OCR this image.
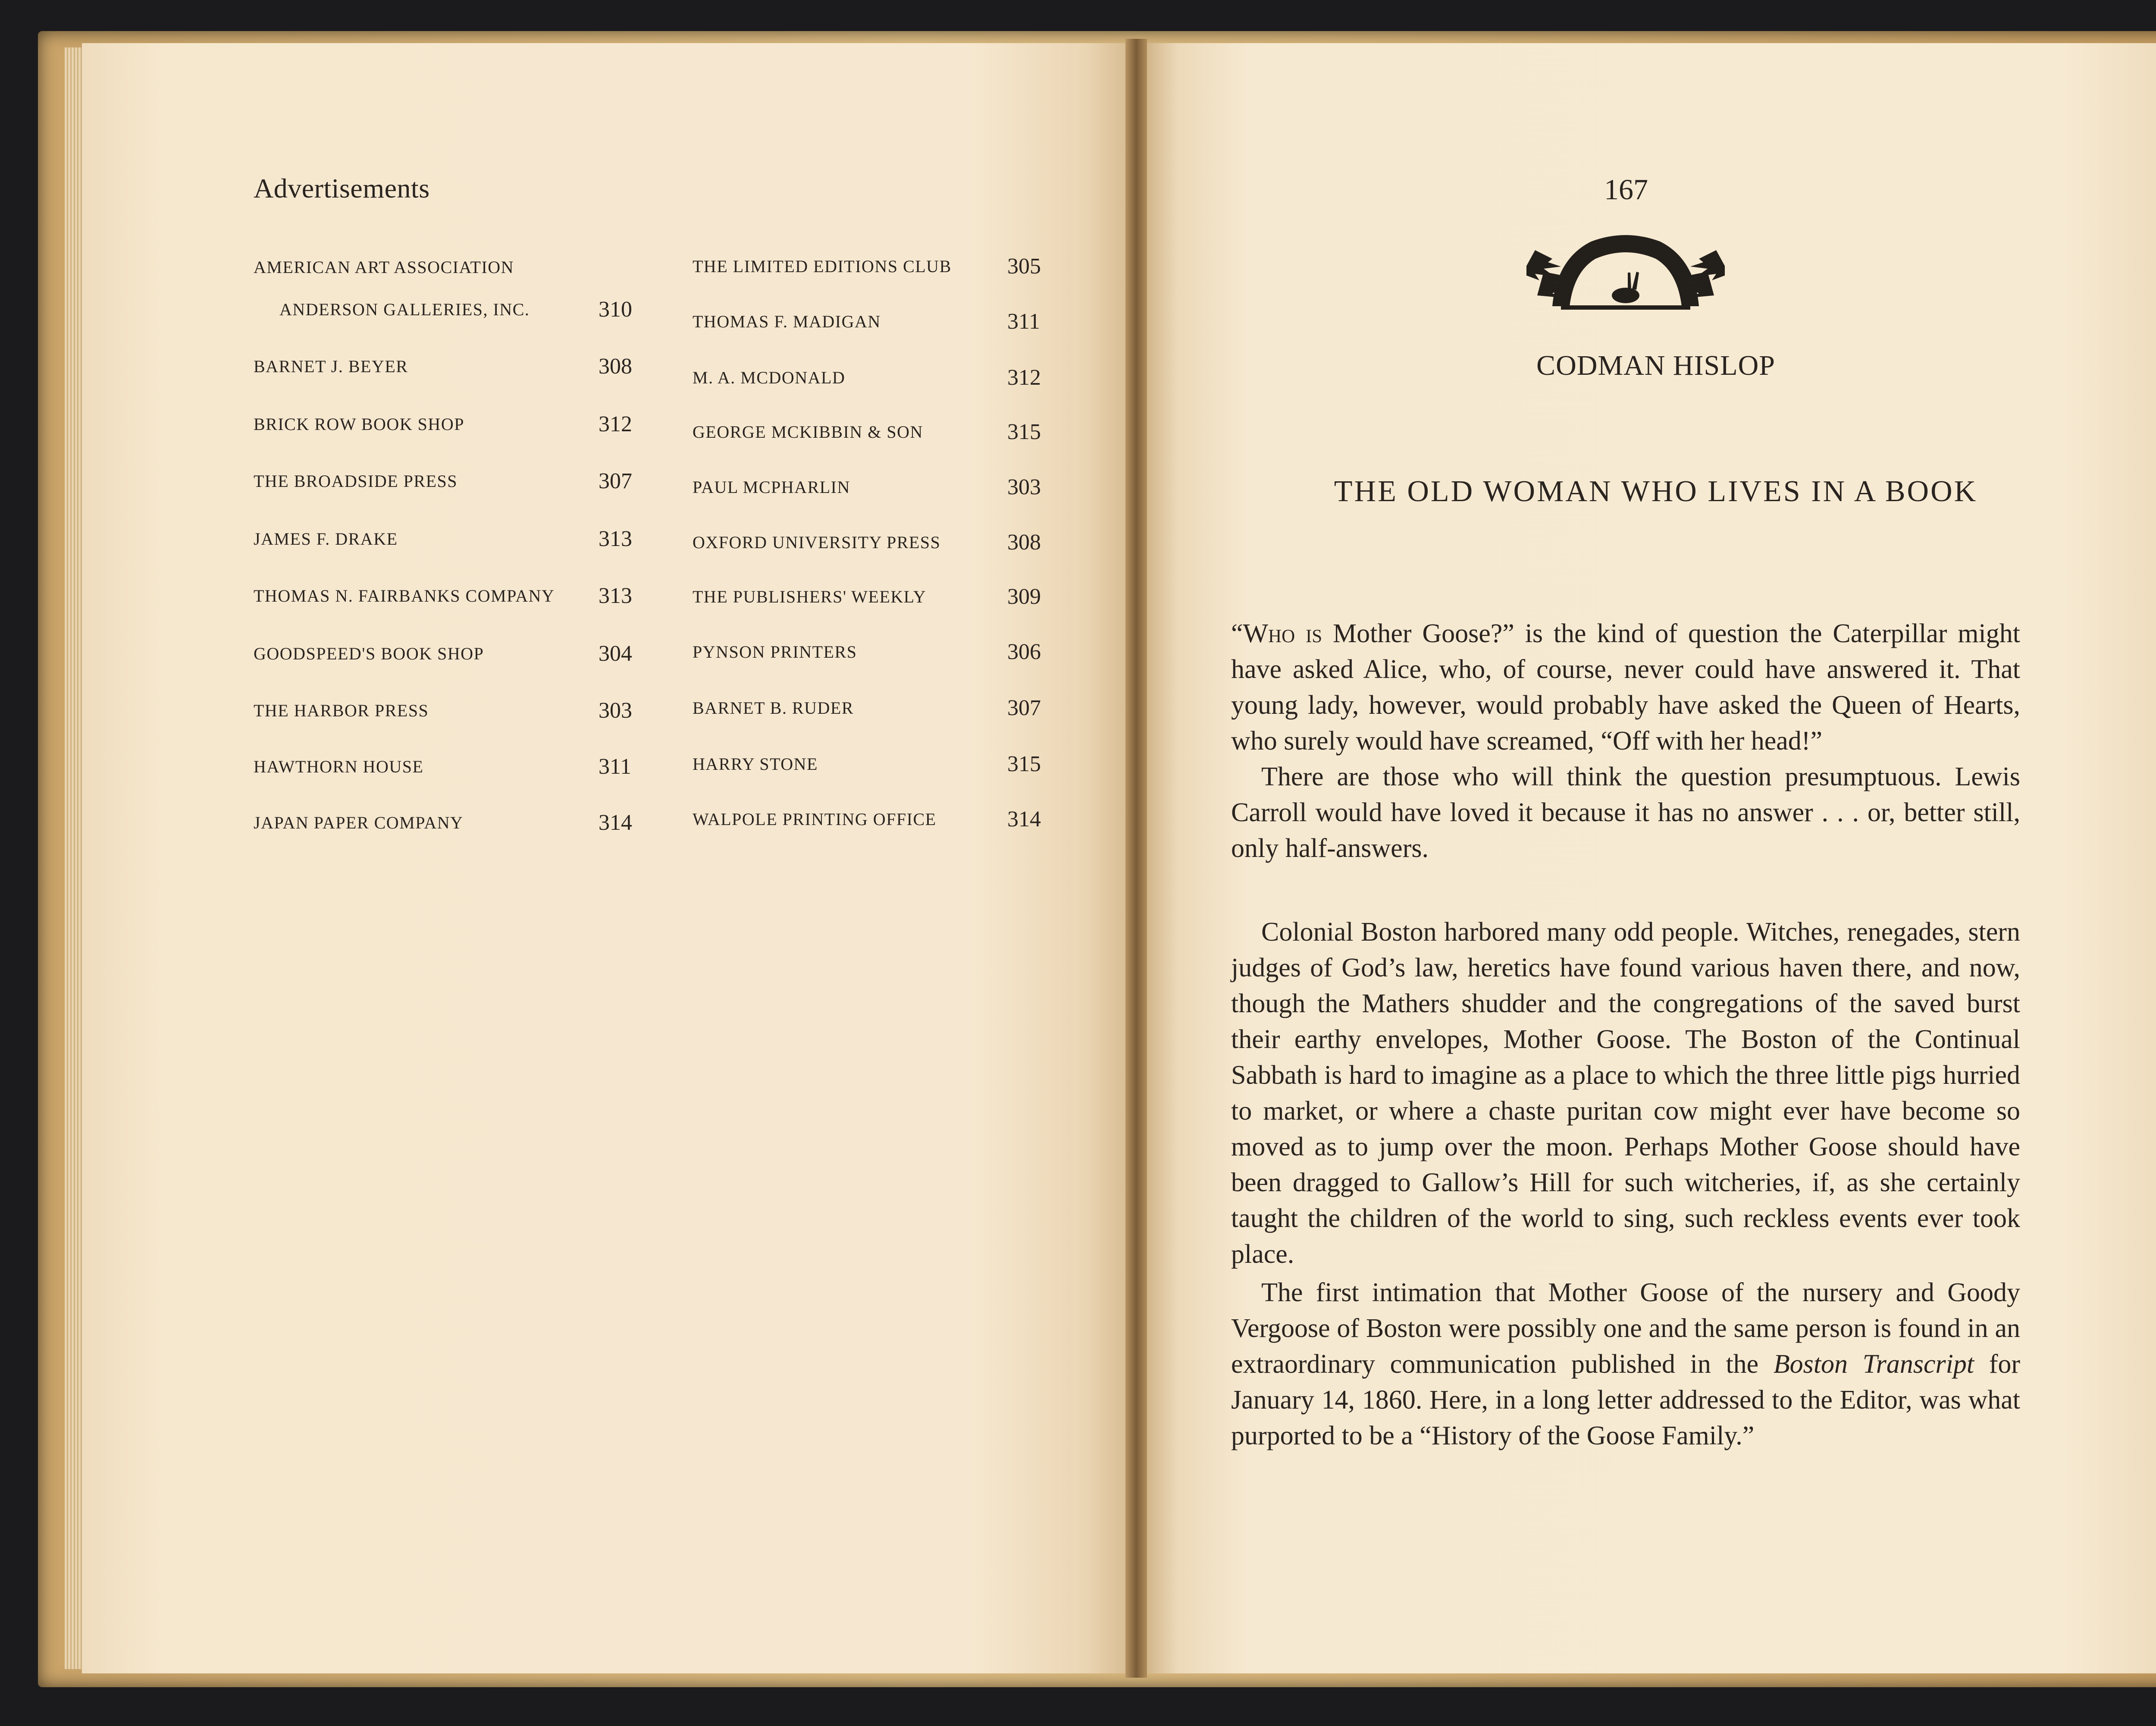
Advertisements
AMERICAN ART ASSOCIATION
ANDERSON GALLERIES, INC.	310
BARNET J. BEYER	308
BRICK ROW BOOK SHOP	312
THE BROADSIDE PRESS	307
JAMES F. DRAKE	313
THOMAS N. FAIRBANKS COMPANY 313
GOODSPEED'S BOOK SHOP	304
THE HARBOR PRESS	303
HAWTHORN HOUSE	311
JAPAN PAPER COMPANY	314
THE LIMITED EDITIONS CLUB 305
THOMAS F. MADIGAN	311
M. A. MCDONALD	312
GEORGE MCKIBBIN & SON	315
PAUL MCPHARLIN	303
OXFORD UNIVERSITY PRESS	308
THE PUBLISHERS' WEEKLY	309
PYNSON PRINTERS	306
BARNET B. RUDER	307
HARRY STONE	315
WALPOLE PRINTING OFFICE	314
167
CODMAN HISLOP
THE OLD WOMAN WHO LIVES IN A BOOK

“Who is Mother Goose?” is the kind of question the Caterpillar might have asked Alice, who, of course, never could have answered it. That young lady, however, would probably have asked the Queen of Hearts, who surely would have screamed, “Off with her head!”

There are those who will think the question presumptuous. Lewis Carroll would have loved it because it has no answer . . . or, better still, only half-answers.

Colonial Boston harbored many odd people. Witches, renegades, stern judges of God’s law, heretics have found various haven there, and now, though the Mathers shudder and the congregations of the saved burst their earthy envelopes, Mother Goose. The Boston of the Continual Sabbath is hard to imagine as a place to which the three little pigs hurried to market, or where a chaste puritan cow might ever have become so moved as to jump over the moon. Perhaps Mother Goose should have been dragged to Gallow’s Hill for such witcheries, if, as she certainly taught the children of the world to sing, such reckless events ever took place.

The first intimation that Mother Goose of the nursery and Goody Vergoose of Boston were possibly one and the same person is found in an extraordinary communication published in the Boston Transcript for January 14, 1860. Here, in a long letter addressed to the Editor, was what purported to be a “History of the Goose Family.”
